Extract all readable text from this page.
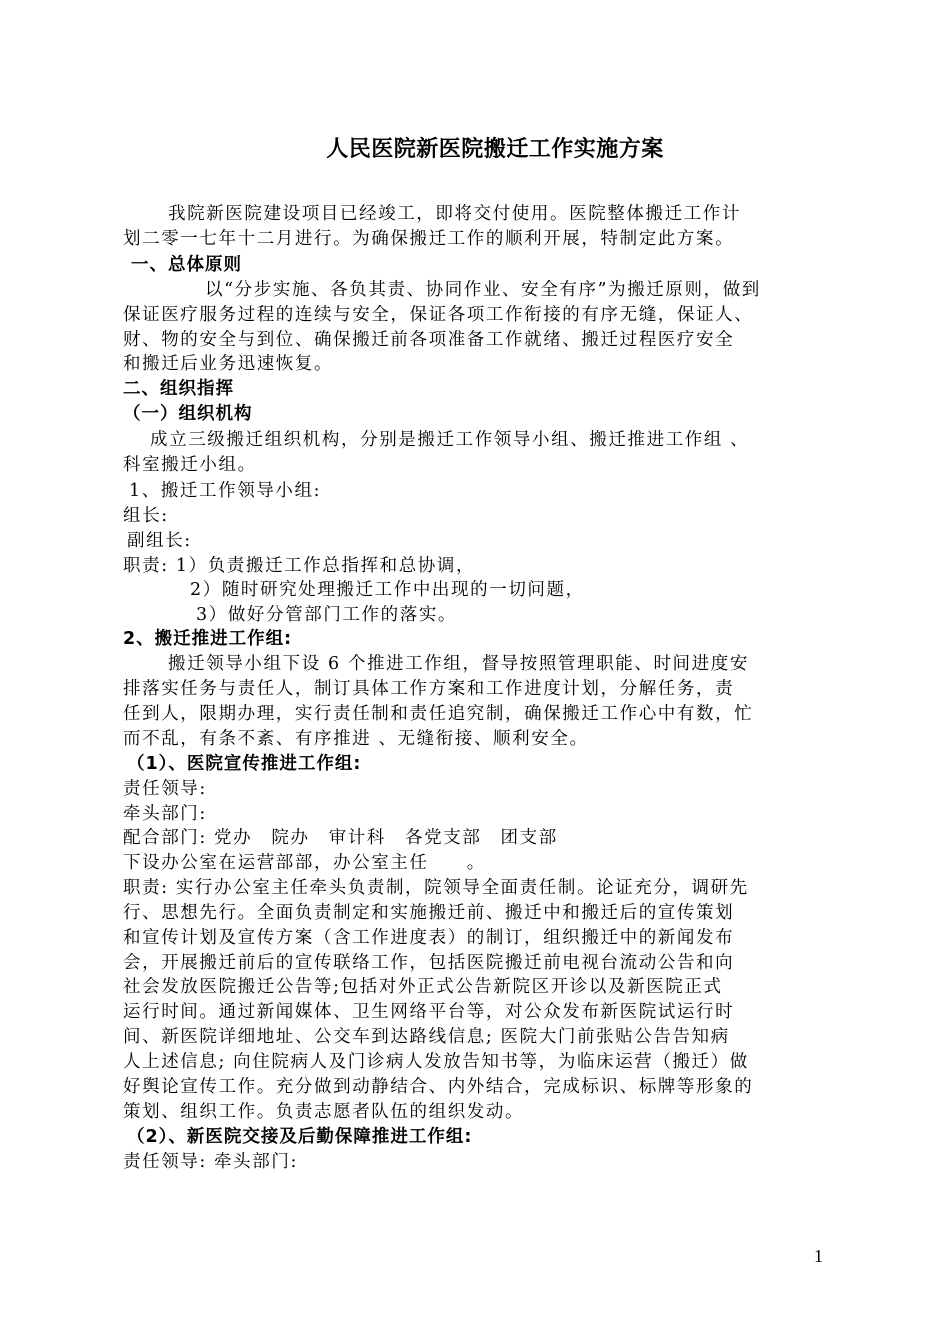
人民医院新医院搬迁工作实施方案
我院新医院建设项目已经竣工，即将交付使用。医院整体搬迁工作计
划二零一七年十二月进行。为确保搬迁工作的顺利开展，特制定此方案。
一、总体原则
以“分步实施、各负其责、协同作业、安全有序”为搬迁原则，做到
保证医疗服务过程的连续与安全，保证各项工作衔接的有序无缝，保证人、
财、物的安全与到位、确保搬迁前各项准备工作就绪、搬迁过程医疗安全
和搬迁后业务迅速恢复。
二、组织指挥
（一）组织机构
成立三级搬迁组织机构，分别是搬迁工作领导小组、搬迁推进工作组 、
科室搬迁小组。
1、搬迁工作领导小组:
组长:
副组长:
职责: 1）负责搬迁工作总指挥和总协调，
2）随时研究处理搬迁工作中出现的一切问题，
3）做好分管部门工作的落实。
2、搬迁推进工作组:
搬迁领导小组下设 6 个推进工作组，督导按照管理职能、时间进度安
排落实任务与责任人，制订具体工作方案和工作进度计划，分解任务，责
任到人，限期办理，实行责任制和责任追究制，确保搬迁工作心中有数，忙
而不乱，有条不紊、有序推进 、无缝衔接、顺利安全。
（1）、医院宣传推进工作组:
责任领导:
牵头部门:
配合部门: 党办　院办　审计科　各党支部　团支部
下设办公室在运营部部，办公室主任　　。
职责: 实行办公室主任牵头负责制，院领导全面责任制。论证充分，调研先
行、思想先行。全面负责制定和实施搬迁前、搬迁中和搬迁后的宣传策划
和宣传计划及宣传方案（含工作进度表）的制订，组织搬迁中的新闻发布
会，开展搬迁前后的宣传联络工作，包括医院搬迁前电视台流动公告和向
社会发放医院搬迁公告等;包括对外正式公告新院区开诊以及新医院正式
运行时间。通过新闻媒体、卫生网络平台等，对公众发布新医院试运行时
间、新医院详细地址、公交车到达路线信息; 医院大门前张贴公告告知病
人上述信息; 向住院病人及门诊病人发放告知书等，为临床运营（搬迁）做
好舆论宣传工作。充分做到动静结合、内外结合，完成标识、标牌等形象的
策划、组织工作。负责志愿者队伍的组织发动。
（2）、新医院交接及后勤保障推进工作组:
责任领导: 牵头部门:
1
